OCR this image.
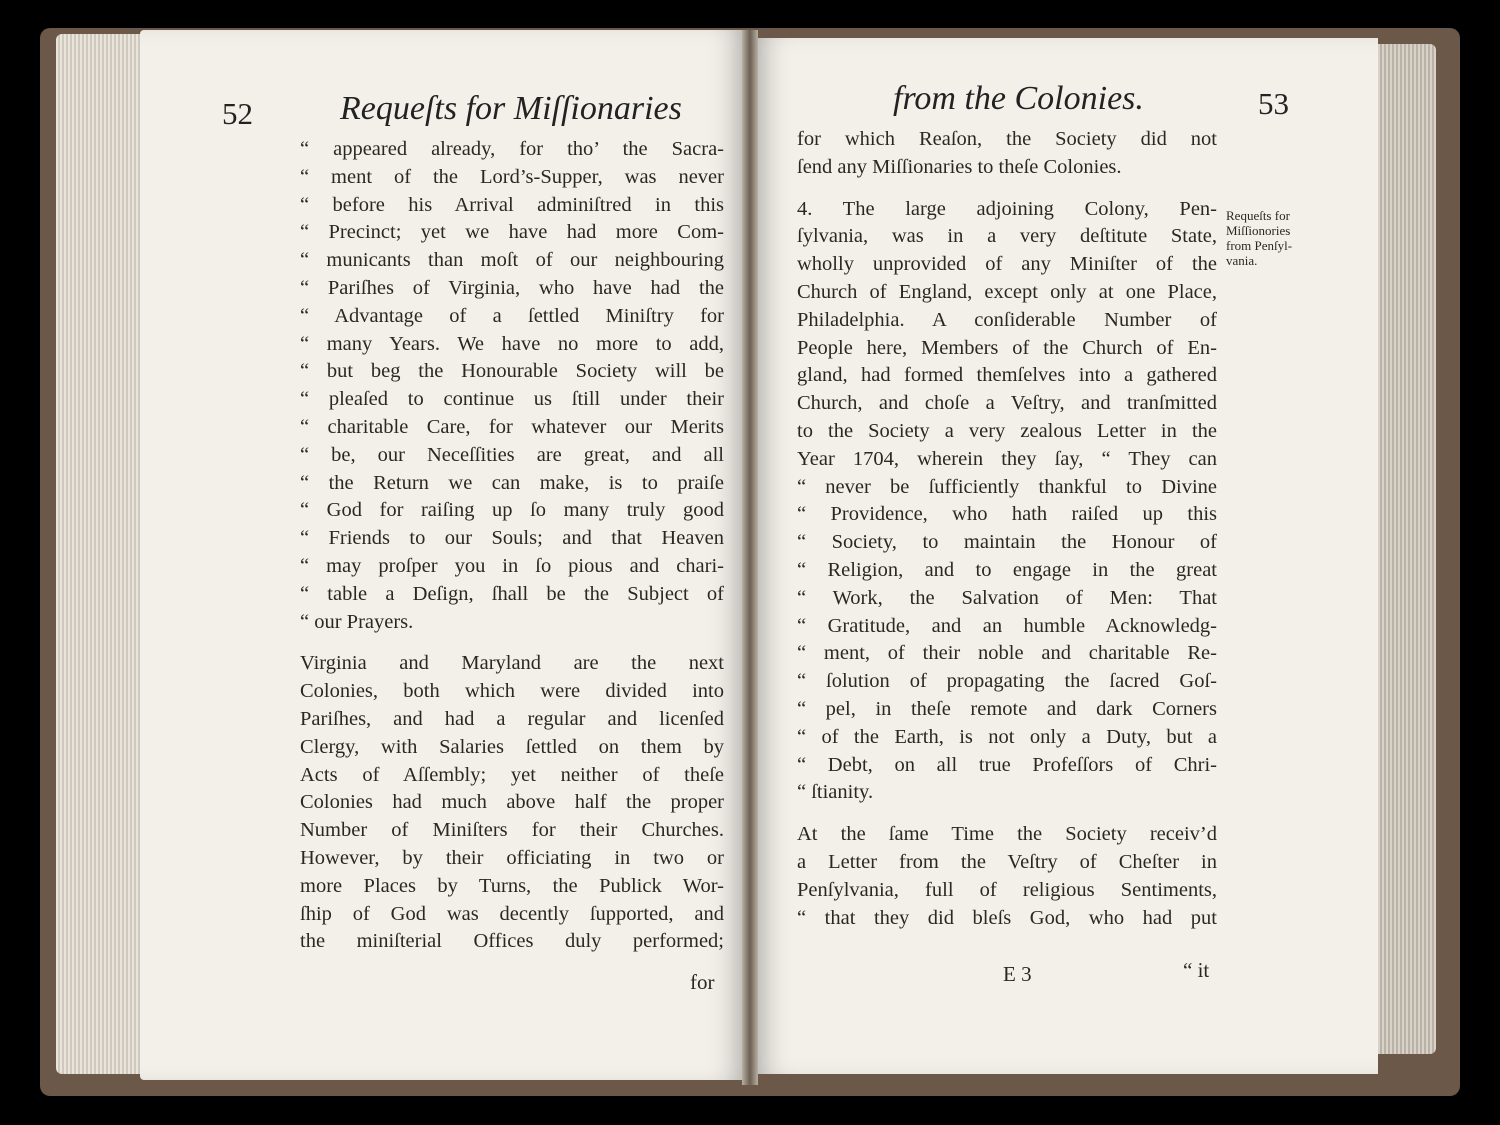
52	Requeſts for Miſſionaries
“ appeared already, for tho’ the Sacra-
“ ment of the Lord’s-Supper, was never
“ before his Arrival adminiſtred in this
“ Precinct; yet we have had more Com-
“ municants than moſt of our neighbouring
“ Pariſhes of Virginia, who have had the
“ Advantage of a ſettled Miniſtry for
“ many Years. We have no more to add,
“ but beg the Honourable Society will be
“ pleaſed to continue us ſtill under their
“ charitable Care, for whatever our Merits
“ be, our Neceſſities are great, and all
“ the Return we can make, is to praiſe
“ God for raiſing up ſo many truly good
“ Friends to our Souls; and that Heaven
“ may proſper you in ſo pious and chari-
“ table a Deſign, ſhall be the Subject of
“ our Prayers.
Virginia and Maryland are the next
Colonies, both which were divided into
Pariſhes, and had a regular and licenſed
Clergy, with Salaries ſettled on them by
Acts of Aſſembly; yet neither of theſe
Colonies had much above half the proper
Number of Miniſters for their Churches.
However, by their officiating in two or
more Places by Turns, the Publick Wor-
ſhip of God was decently ſupported, and
the miniſterial Offices duly performed;
for
from the Colonies.	53
for which Reaſon, the Society did not
ſend any Miſſionaries to theſe Colonies.
4. The large adjoining Colony, Pen-
ſylvania, was in a very deſtitute State,
wholly unprovided of any Miniſter of the
Church of England, except only at one Place,
Philadelphia. A conſiderable Number of
People here, Members of the Church of En-
gland, had formed themſelves into a gathered
Church, and choſe a Veſtry, and tranſmitted
to the Society a very zealous Letter in the
Year 1704, wherein they ſay, “ They can
“ never be ſufficiently thankful to Divine
“ Providence, who hath raiſed up this
“ Society, to maintain the Honour of
“ Religion, and to engage in the great
“ Work, the Salvation of Men: That
“ Gratitude, and an humble Acknowledg-
“ ment, of their noble and charitable Re-
“ ſolution of propagating the ſacred Goſ-
“ pel, in theſe remote and dark Corners
“ of the Earth, is not only a Duty, but a
“ Debt, on all true Profeſſors of Chri-
“ ſtianity.
At the ſame Time the Society receiv’d
a Letter from the Veſtry of Cheſter in
Penſylvania, full of religious Sentiments,
“ that they did bleſs God, who had put
Requeſts for
Miſſionories
from Penſyl-
vania.
E 3	“ it
